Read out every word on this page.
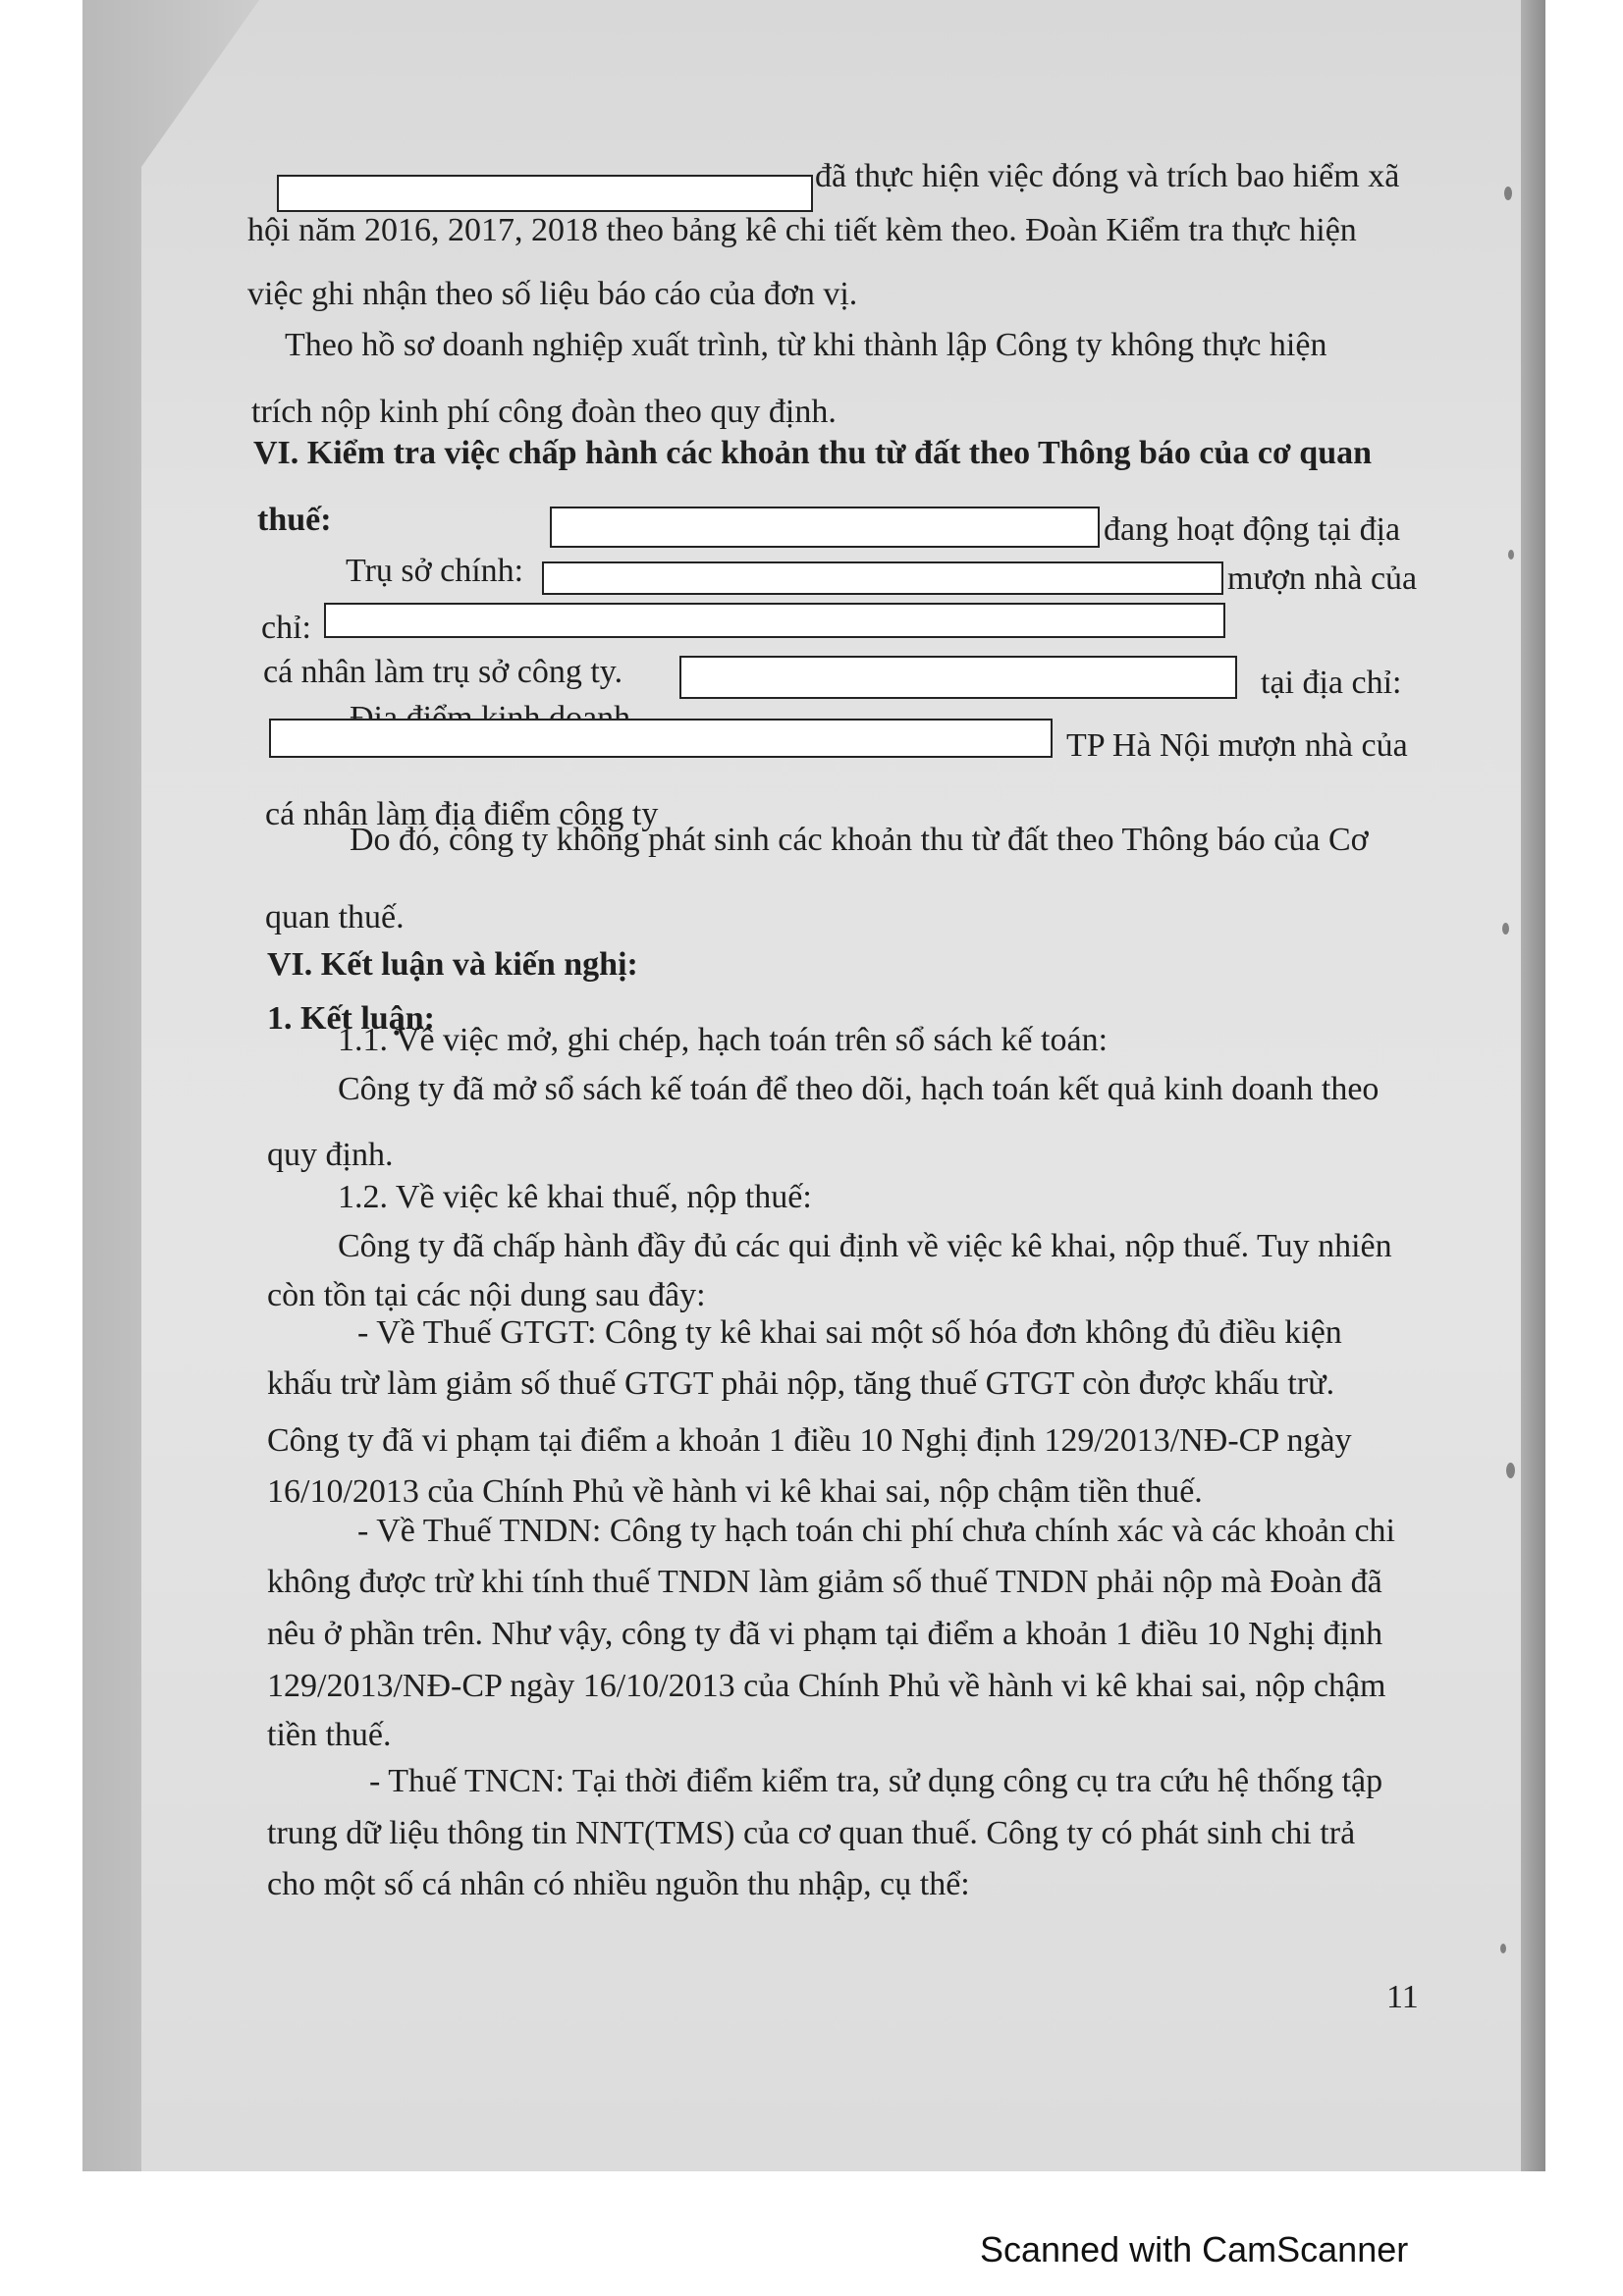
đã thực hiện việc đóng và trích bao hiểm xã
hội năm 2016, 2017, 2018 theo bảng kê chi tiết kèm theo. Đoàn Kiểm tra thực hiện
việc ghi nhận theo số liệu báo cáo của đơn vị.
Theo hồ sơ doanh nghiệp xuất trình, từ khi thành lập Công ty không thực hiện
trích nộp kinh phí công đoàn theo quy định.
VI. Kiểm tra việc chấp hành các khoản thu từ đất theo Thông báo của cơ quan
thuế:	đang hoạt động tại địa
Trụ sở chính:	mượn nhà của
chỉ:
cá nhân làm trụ sở công ty.	tại địa chỉ:
TP Hà Nội mượn nhà của
cá nhân làm địa điểm công ty
Do đó, công ty không phát sinh các khoản thu từ đất theo Thông báo của Cơ
quan thuế.
VI. Kết luận và kiến nghị:
1. Kết luận:
1.1. Về việc mở, ghi chép, hạch toán trên sổ sách kế toán:
Công ty đã mở sổ sách kế toán để theo dõi, hạch toán kết quả kinh doanh theo
quy định.
1.2. Về việc kê khai thuế, nộp thuế:
Công ty đã chấp hành đầy đủ các qui định về việc kê khai, nộp thuế. Tuy nhiên
còn tồn tại các nội dung sau đây:
- Về Thuế GTGT: Công ty kê khai sai một số hóa đơn không đủ điều kiện
khấu trừ làm giảm số thuế GTGT phải nộp, tăng thuế GTGT còn được khấu trừ.
Công ty đã vi phạm tại điểm a khoản 1 điều 10 Nghị định 129/2013/NĐ-CP ngày
16/10/2013 của Chính Phủ về hành vi kê khai sai, nộp chậm tiền thuế.
- Về Thuế TNDN: Công ty hạch toán chi phí chưa chính xác và các khoản chi
không được trừ khi tính thuế TNDN làm giảm số thuế TNDN phải nộp mà Đoàn đã
nêu ở phần trên. Như vậy, công ty đã vi phạm tại điểm a khoản 1 điều 10 Nghị định
129/2013/NĐ-CP ngày 16/10/2013 của Chính Phủ về hành vi kê khai sai, nộp chậm
tiền thuế.
- Thuế TNCN: Tại thời điểm kiểm tra, sử dụng công cụ tra cứu hệ thống tập
trung dữ liệu thông tin NNT(TMS) của cơ quan thuế. Công ty có phát sinh chi trả
cho một số cá nhân có nhiều nguồn thu nhập, cụ thể:
11
Scanned with CamScanner
